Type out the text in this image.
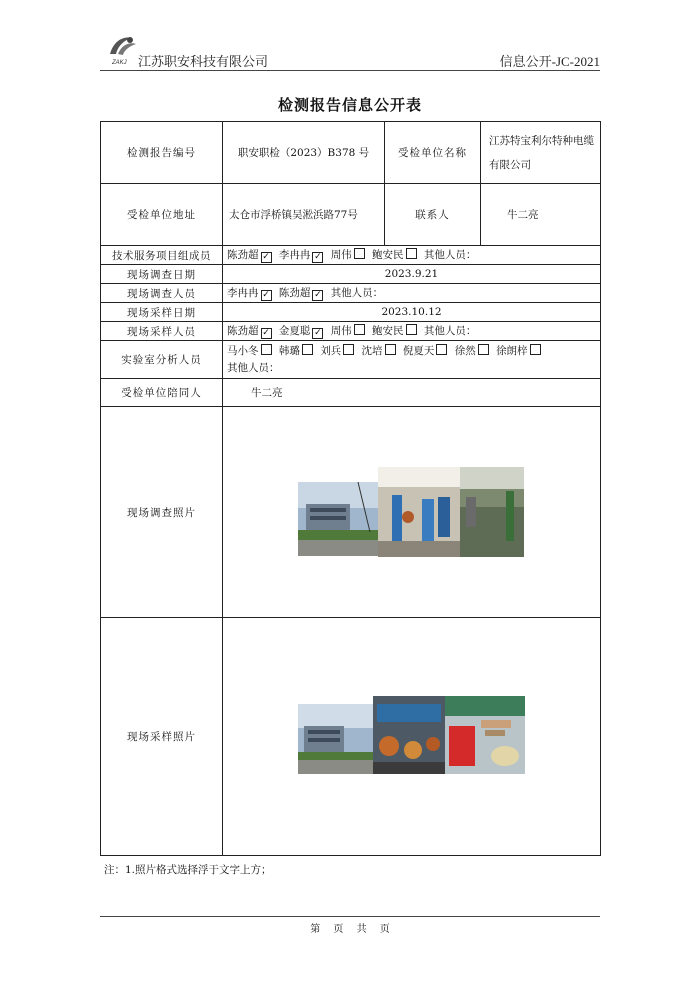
ZAKJ 江苏职安科技有限公司	信息公开-JC-2021
检测报告信息公开表
检测报告编号	职安职检（2023）B378 号	受检单位名称	江苏特宝利尔特种电缆有限公司
受检单位地址	太仓市浮桥镇吴淞浜路77号	联系人	牛二亮
技术服务项目组成员	陈劲超 ✓ 李冉冉 ✓ 周伟 鲍安民 其他人员：		
现场调查日期	2023.9.21		
现场调查人员	李冉冉 ✓ 陈劲超 ✓ 其他人员：		
现场采样日期	2023.10.12		
现场采样人员	陈劲超 ✓ 金夏聪 ✓ 周伟 鲍安民 其他人员：		
实验室分析人员	马小冬 韩璐 刘兵 沈培 倪夏天 徐然 徐朗梓
其他人员：		
受检单位陪同人	牛二亮		
现场调查照片	

现场采样照片	
注：1.照片格式选择浮于文字上方；
第 页 共 页
